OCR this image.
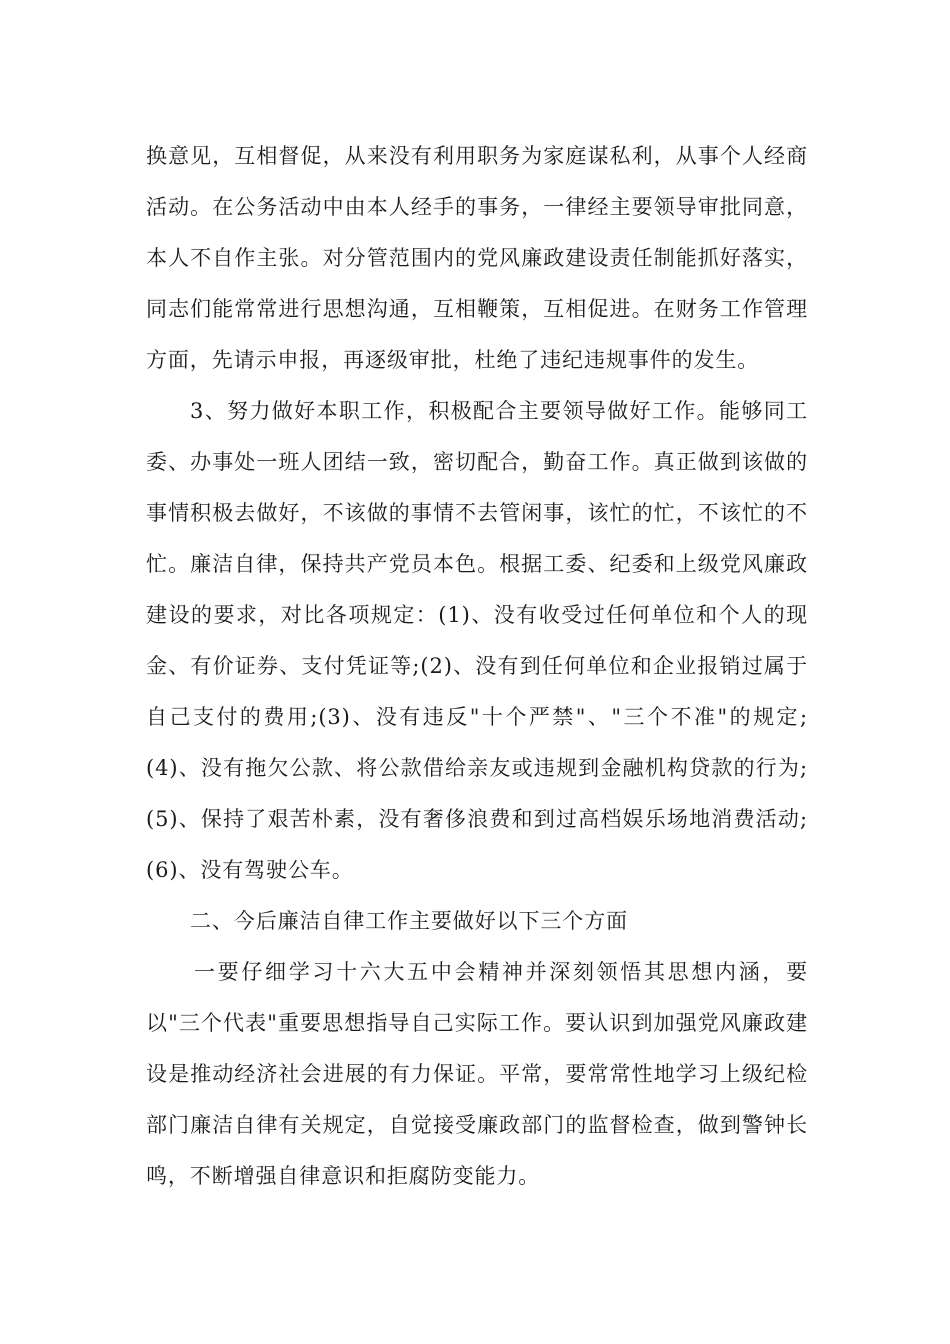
换意见，互相督促，从来没有利用职务为家庭谋私利，从事个人经商活动。在公务活动中由本人经手的事务，一律经主要领导审批同意，本人不自作主张。对分管范围内的党风廉政建设责任制能抓好落实，同志们能常常进行思想沟通，互相鞭策，互相促进。在财务工作管理方面，先请示申报，再逐级审批，杜绝了违纪违规事件的发生。

3、努力做好本职工作，积极配合主要领导做好工作。能够同工委、办事处一班人团结一致，密切配合，勤奋工作。真正做到该做的事情积极去做好，不该做的事情不去管闲事，该忙的忙，不该忙的不忙。廉洁自律，保持共产党员本色。根据工委、纪委和上级党风廉政建设的要求，对比各项规定：(1)、没有收受过任何单位和个人的现金、有价证券、支付凭证等;(2)、没有到任何单位和企业报销过属于自己支付的费用;(3)、没有违反"十个严禁"、"三个不准"的规定;(4)、没有拖欠公款、将公款借给亲友或违规到金融机构贷款的行为;(5)、保持了艰苦朴素，没有奢侈浪费和到过高档娱乐场地消费活动;(6)、没有驾驶公车。

二、今后廉洁自律工作主要做好以下三个方面

一要仔细学习十六大五中会精神并深刻领悟其思想内涵，要以"三个代表"重要思想指导自己实际工作。要认识到加强党风廉政建设是推动经济社会进展的有力保证。平常，要常常性地学习上级纪检部门廉洁自律有关规定，自觉接受廉政部门的监督检查，做到警钟长鸣，不断增强自律意识和拒腐防变能力。
